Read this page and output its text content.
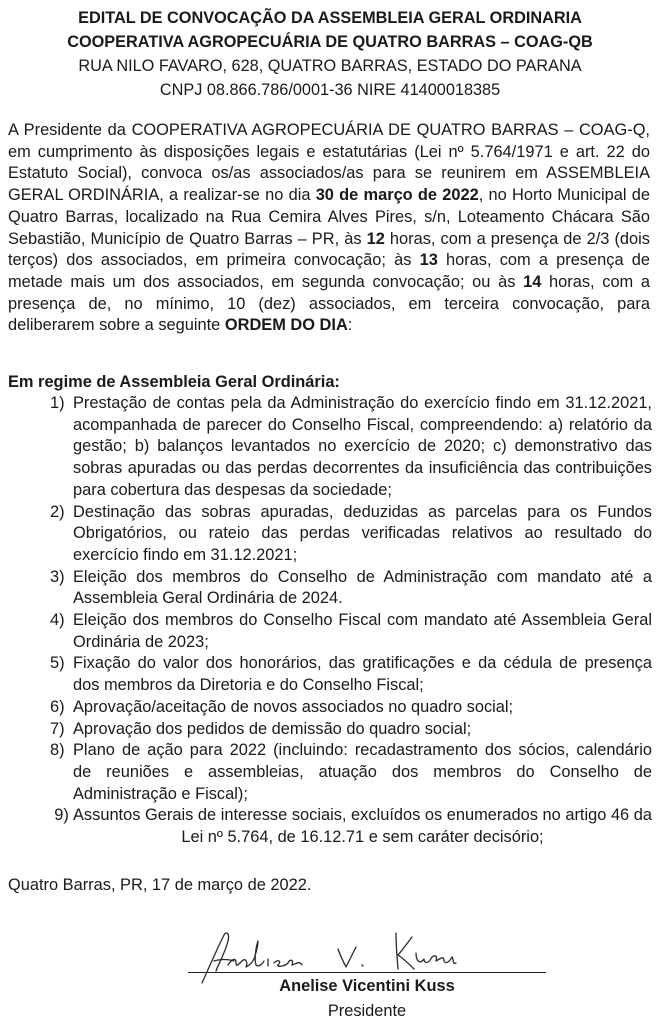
EDITAL DE CONVOCAÇÃO DA ASSEMBLEIA GERAL ORDINARIA
COOPERATIVA AGROPECUÁRIA DE QUATRO BARRAS – COAG-QB
RUA NILO FAVARO, 628, QUATRO BARRAS, ESTADO DO PARANA
CNPJ 08.866.786/0001-36 NIRE 41400018385

A Presidente da COOPERATIVA AGROPECUÁRIA DE QUATRO BARRAS – COAG-Q, em cumprimento às disposições legais e estatutárias (Lei nº 5.764/1971 e art. 22 do Estatuto Social), convoca os/as associados/as para se reunirem em ASSEMBLEIA GERAL ORDINÁRIA, a realizar-se no dia 30 de março de 2022, no Horto Municipal de Quatro Barras, localizado na Rua Cemira Alves Pires, s/n, Loteamento Chácara São Sebastião, Município de Quatro Barras – PR, às 12 horas, com a presença de 2/3 (dois terços) dos associados, em primeira convocação; às 13 horas, com a presença de metade mais um dos associados, em segunda convocação; ou às 14 horas, com a presença de, no mínimo, 10 (dez) associados, em terceira convocação, para deliberarem sobre a seguinte ORDEM DO DIA:

Em regime de Assembleia Geral Ordinária:

1) Prestação de contas pela da Administração do exercício findo em 31.12.2021, acompanhada de parecer do Conselho Fiscal, compreendendo: a) relatório da gestão; b) balanços levantados no exercício de 2020; c) demonstrativo das sobras apuradas ou das perdas decorrentes da insuficiência das contribuições para cobertura das despesas da sociedade;

2) Destinação das sobras apuradas, deduzidas as parcelas para os Fundos Obrigatórios, ou rateio das perdas verificadas relativos ao resultado do exercício findo em 31.12.2021;

3) Eleição dos membros do Conselho de Administração com mandato até a Assembleia Geral Ordinária de 2024.

4) Eleição dos membros do Conselho Fiscal com mandato até Assembleia Geral Ordinária de 2023;

5) Fixação do valor dos honorários, das gratificações e da cédula de presença dos membros da Diretoria e do Conselho Fiscal;

6) Aprovação/aceitação de novos associados no quadro social;

7) Aprovação dos pedidos de demissão do quadro social;

8) Plano de ação para 2022 (incluindo: recadastramento dos sócios, calendário de reuniões e assembleias, atuação dos membros do Conselho de Administração e Fiscal);

9) Assuntos Gerais de interesse sociais, excluídos os enumerados no artigo 46 da Lei nº 5.764, de 16.12.71 e sem caráter decisório;

Quatro Barras, PR, 17 de março de 2022.
Anelise Vicentini Kuss
Presidente
